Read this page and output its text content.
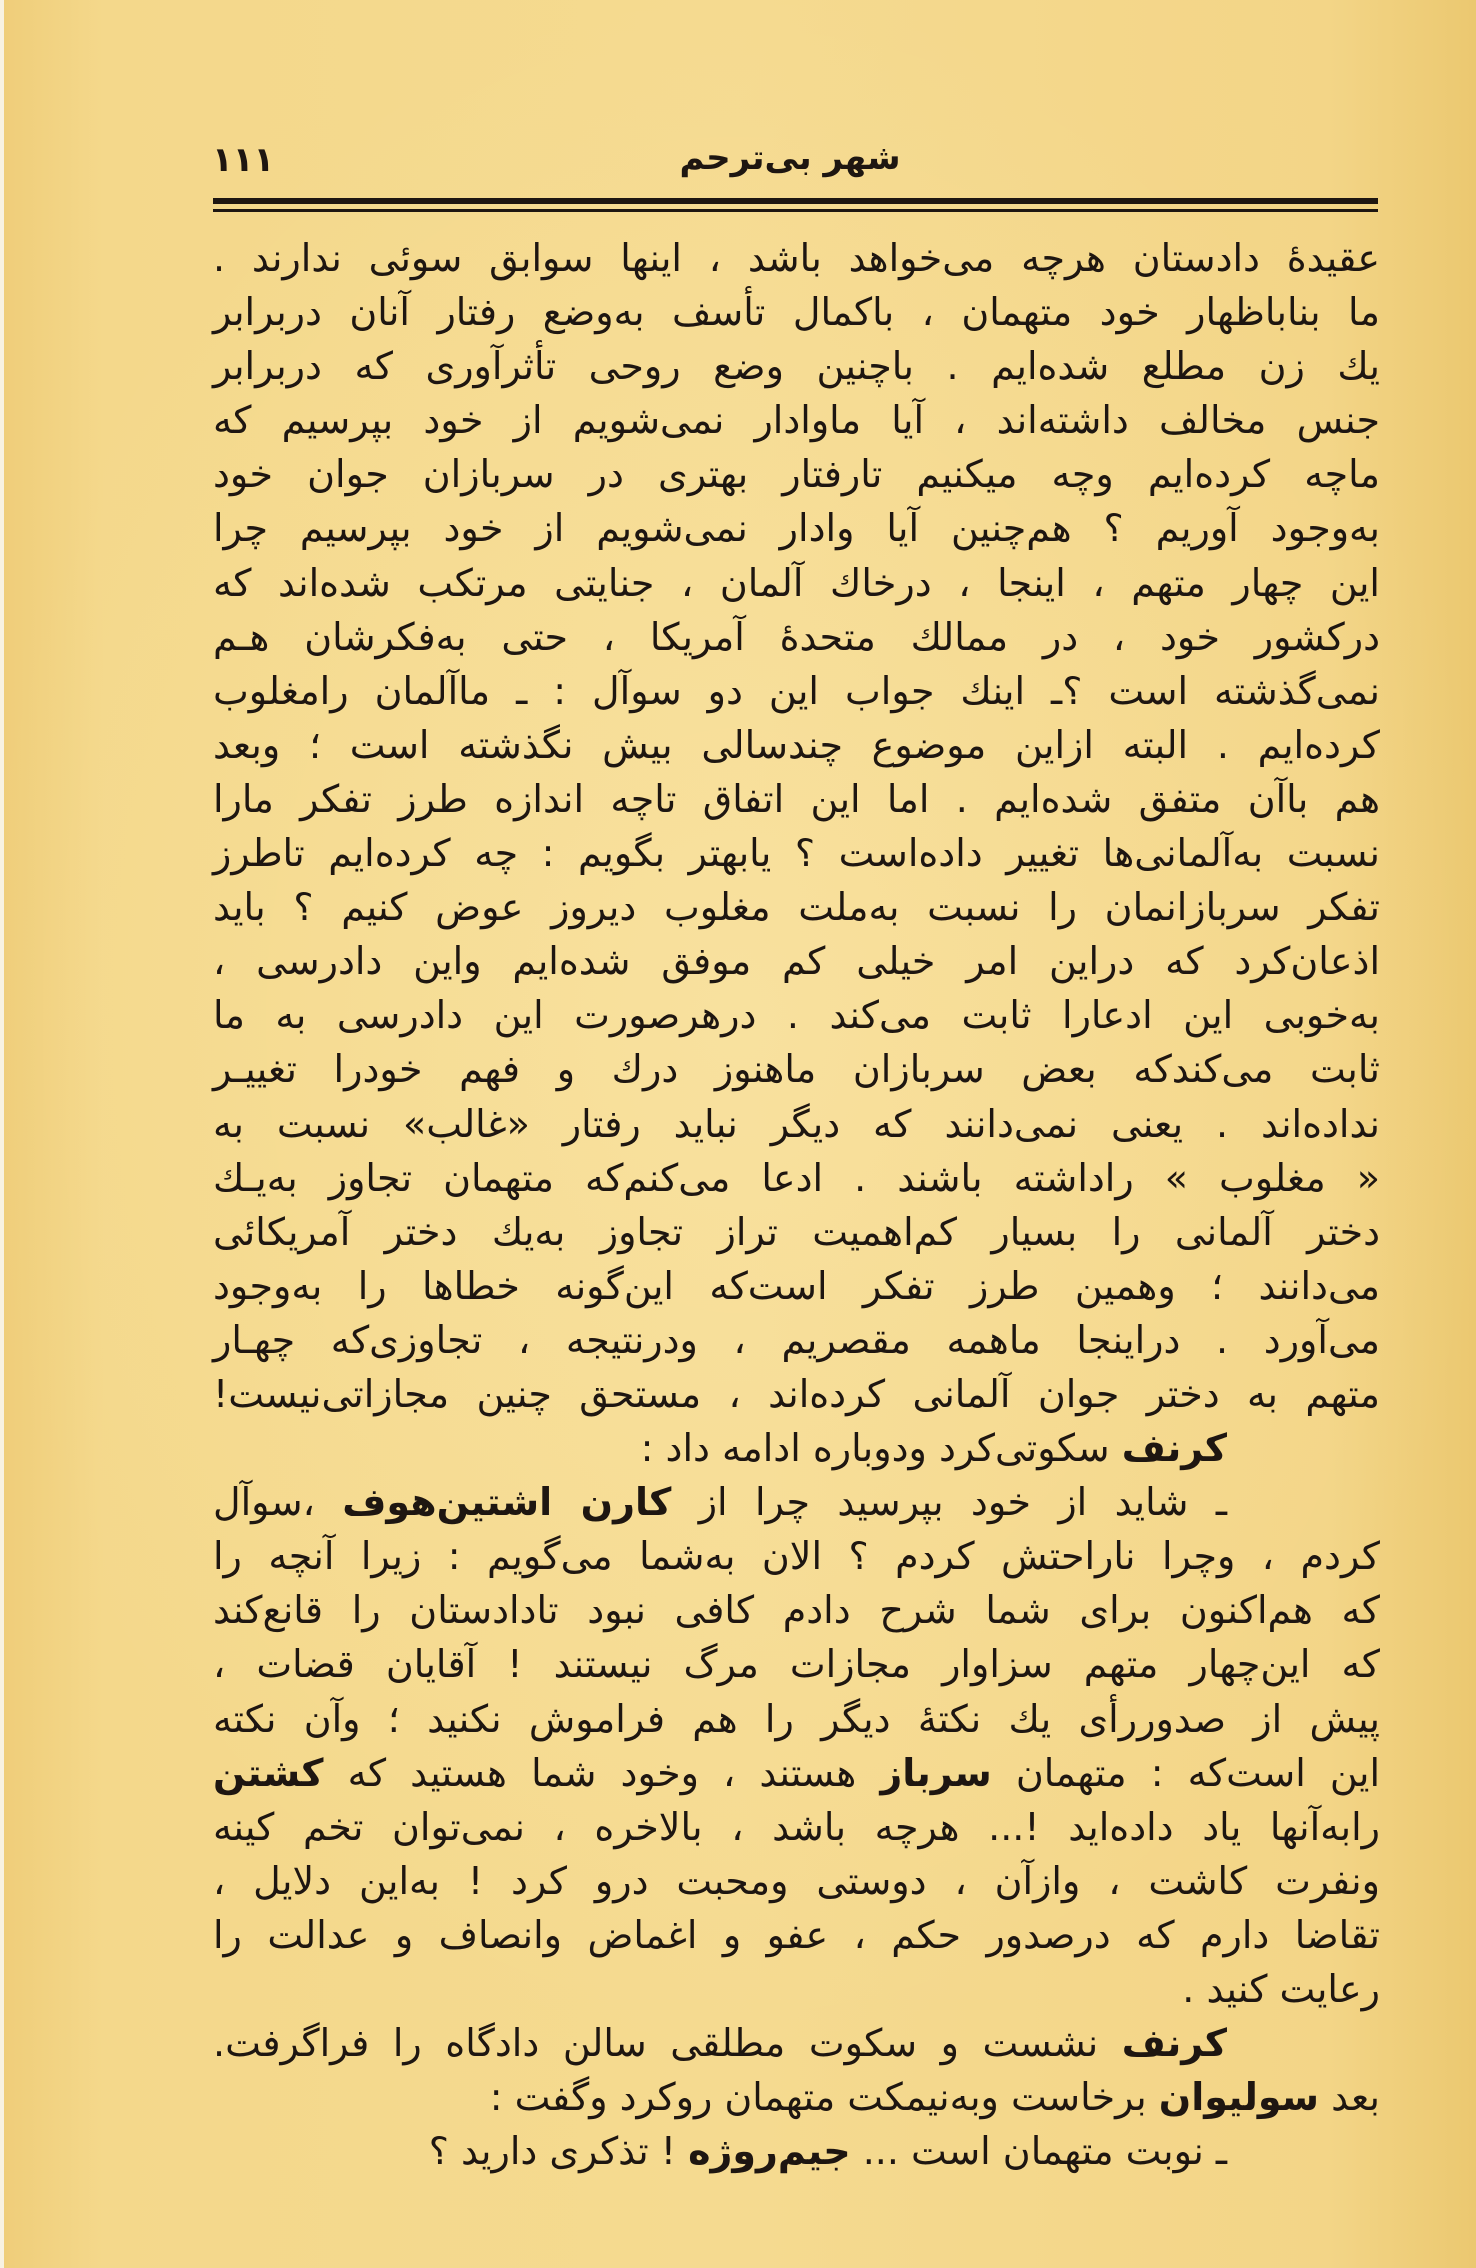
۱۱۱	شهر بی‌ترحم
عقیدهٔ دادستان هرچه می‌خواهد باشد ، اینها سوابق سوئی ندارند .
ما بناباظهار خود متهمان ، باکمال تأسف به‌وضع رفتار آنان دربرابر
يك زن مطلع شده‌ایم . باچنین وضع روحی تأثرآوری که دربرابر
جنس مخالف داشته‌اند ، آیا ماوادار نمی‌شویم از خود بپرسیم که
ماچه کرده‌ایم وچه میکنیم تارفتار بهتری در سربازان جوان خود
به‌وجود آوریم ؟ هم‌چنین آیا وادار نمی‌شویم از خود بپرسیم چرا
این چهار متهم ، اینجا ، درخاك آلمان ، جنایتی مرتکب شده‌اند که
درکشور خود ، در ممالك متحدهٔ آمریکا ، حتی به‌فکرشان هـم
نمی‌گذشته است ؟ـ اینك جواب این دو سوآل : ـ ماآلمان رامغلوب
کرده‌ایم . البته ازاین موضوع چندسالی بیش نگذشته است ؛ وبعد
هم باآن متفق شده‌ایم . اما این اتفاق تاچه اندازه طرز تفکر مارا
نسبت به‌آلمانی‌ها تغییر داده‌است ؟ یابهتر بگویم : چه کرده‌ایم تاطرز
تفکر سربازانمان را نسبت به‌ملت مغلوب دیروز عوض کنیم ؟ باید
اذعان‌کرد که دراین امر خیلی کم موفق شده‌ایم واین دادرسی ،
به‌خوبی این ادعارا ثابت می‌کند . درهرصورت این دادرسی به ما
ثابت می‌کندکه بعض سربازان ماهنوز درك و فهم خودرا تغییـر
نداده‌اند . یعنی نمی‌دانند که دیگر نباید رفتار «غالب» نسبت به
« مغلوب » راداشته باشند . ادعا می‌کنم‌که متهمان تجاوز به‌یـك
دختر آلمانی را بسیار کم‌اهمیت تراز تجاوز به‌يك دختر آمریکائی
می‌دانند ؛ وهمین طرز تفکر است‌که این‌گونه خطاها را به‌وجود
می‌آورد . دراینجا ماهمه مقصریم ، ودرنتیجه ، تجاوزی‌که چهـار
متهم به دختر جوان آلمانی کرده‌اند ، مستحق چنین مجازاتی‌نیست!
کرنف سکوتی‌کرد ودوباره ادامه داد :
ـ شاید از خود بپرسید چرا از کارن اشتین‌هوف ،سوآل
کردم ، وچرا ناراحتش کردم ؟ الان به‌شما می‌گویم : زیرا آنچه را
که هم‌اکنون برای شما شرح دادم کافی نبود تادادستان را قانع‌کند
که این‌چهار متهم سزاوار مجازات مرگ نیستند ! آقایان قضات ،
پیش از صدوررأی يك نکتهٔ دیگر را هم فراموش نکنید ؛ وآن نکته
این است‌که : متهمان سرباز هستند ، وخود شما هستید که کشتن
رابه‌آنها یاد داده‌اید !... هرچه باشد ، بالاخره ، نمی‌توان تخم کینه
ونفرت کاشت ، وازآن ، دوستی ومحبت درو کرد ! به‌این دلایل ،
تقاضا دارم که درصدور حکم ، عفو و اغماض وانصاف و عدالت را
رعایت کنید .
کرنف نشست و سکوت مطلقی سالن دادگاه را فراگرفت.
بعد سولیوان برخاست وبه‌نیمکت متهمان روکرد وگفت :
ـ نوبت متهمان است ... جیم‌روژه ! تذکری دارید ؟
